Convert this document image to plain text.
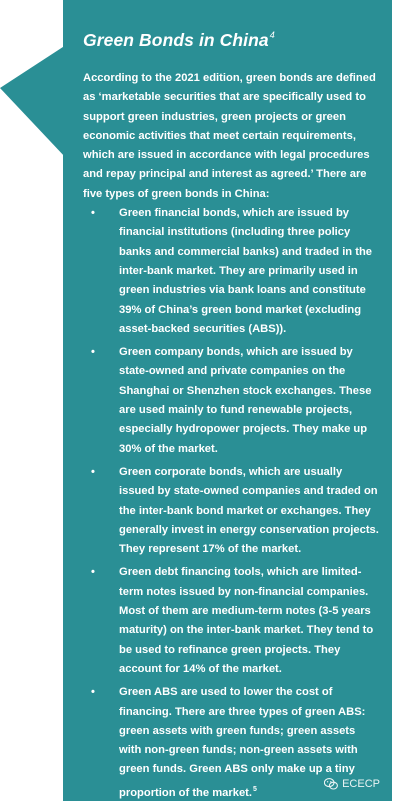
Green Bonds in China$^4$

According to the 2021 edition, green bonds are defined as ‘marketable securities that are specifically used to support green industries, green projects or green economic activities that meet certain requirements, which are issued in accordance with legal procedures and repay principal and interest as agreed.’ There are five types of green bonds in China:

• Green financial bonds, which are issued by financial institutions (including three policy banks and commercial banks) and traded in the inter-bank market. They are primarily used in green industries via bank loans and constitute 39% of China’s green bond market (excluding asset-backed securities (ABS)).
• Green company bonds, which are issued by state-owned and private companies on the Shanghai or Shenzhen stock exchanges. These are used mainly to fund renewable projects, especially hydropower projects. They make up 30% of the market.
• Green corporate bonds, which are usually issued by state-owned companies and traded on the inter-bank bond market or exchanges. They generally invest in energy conservation projects. They represent 17% of the market.
• Green debt financing tools, which are limited-term notes issued by non-financial companies. Most of them are medium-term notes (3-5 years maturity) on the inter-bank market. They tend to be used to refinance green projects. They account for 14% of the market.
• Green ABS are used to lower the cost of financing. There are three types of green ABS: green assets with green funds; green assets with non-green funds; non-green assets with green funds. Green ABS only make up a tiny proportion of the market.$^5$	ECECP
